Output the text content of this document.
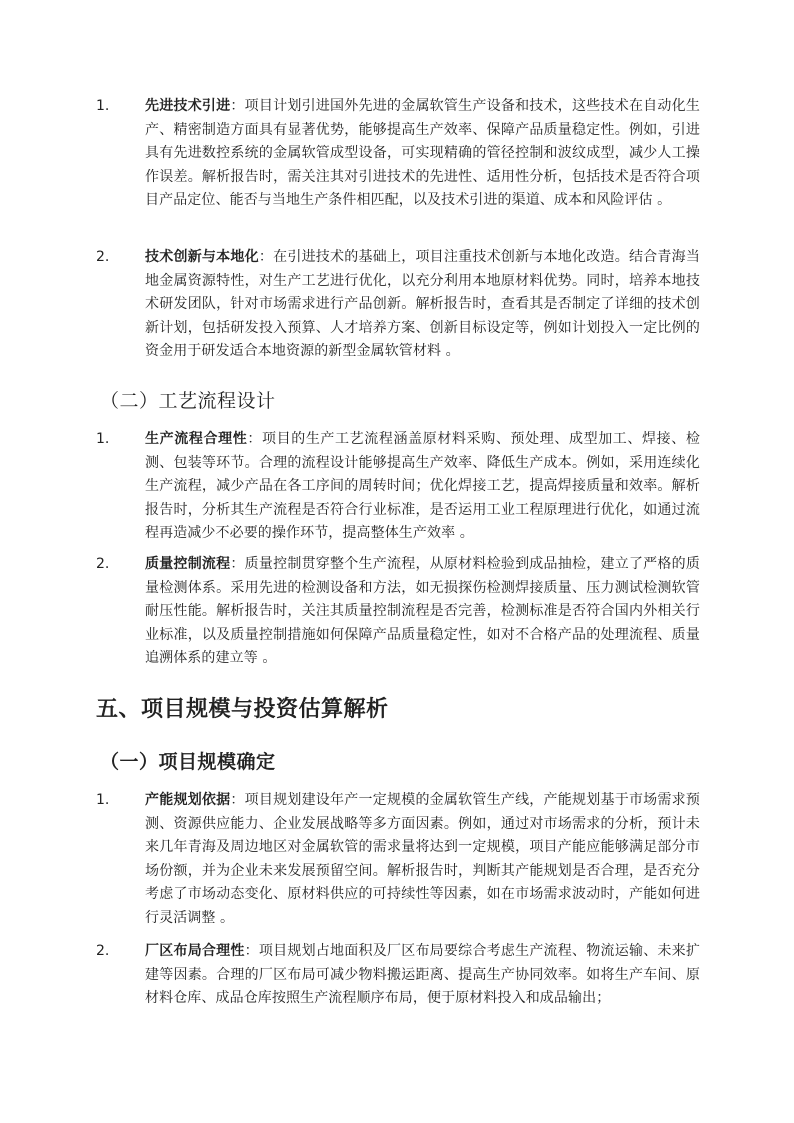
1.	先进技术引进：项目计划引进国外先进的金属软管生产设备和技术，这些技术在自动化生产、精密制造方面具有显著优势，能够提高生产效率、保障产品质量稳定性。例如，引进具有先进数控系统的金属软管成型设备，可实现精确的管径控制和波纹成型，减少人工操作误差。解析报告时，需关注其对引进技术的先进性、适用性分析，包括技术是否符合项目产品定位、能否与当地生产条件相匹配，以及技术引进的渠道、成本和风险评估 。
2.	技术创新与本地化：在引进技术的基础上，项目注重技术创新与本地化改造。结合青海当地金属资源特性，对生产工艺进行优化，以充分利用本地原材料优势。同时，培养本地技术研发团队，针对市场需求进行产品创新。解析报告时，查看其是否制定了详细的技术创新计划，包括研发投入预算、人才培养方案、创新目标设定等，例如计划投入一定比例的资金用于研发适合本地资源的新型金属软管材料 。
（二）工艺流程设计
1.	生产流程合理性：项目的生产工艺流程涵盖原材料采购、预处理、成型加工、焊接、检测、包装等环节。合理的流程设计能够提高生产效率、降低生产成本。例如，采用连续化生产流程，减少产品在各工序间的周转时间；优化焊接工艺，提高焊接质量和效率。解析报告时，分析其生产流程是否符合行业标准，是否运用工业工程原理进行优化，如通过流程再造减少不必要的操作环节，提高整体生产效率 。
2.	质量控制流程：质量控制贯穿整个生产流程，从原材料检验到成品抽检，建立了严格的质量检测体系。采用先进的检测设备和方法，如无损探伤检测焊接质量、压力测试检测软管耐压性能。解析报告时，关注其质量控制流程是否完善，检测标准是否符合国内外相关行业标准，以及质量控制措施如何保障产品质量稳定性，如对不合格产品的处理流程、质量追溯体系的建立等 。
五、项目规模与投资估算解析
（一）项目规模确定
1.	产能规划依据：项目规划建设年产一定规模的金属软管生产线，产能规划基于市场需求预测、资源供应能力、企业发展战略等多方面因素。例如，通过对市场需求的分析，预计未来几年青海及周边地区对金属软管的需求量将达到一定规模，项目产能应能够满足部分市场份额，并为企业未来发展预留空间。解析报告时，判断其产能规划是否合理，是否充分考虑了市场动态变化、原材料供应的可持续性等因素，如在市场需求波动时，产能如何进行灵活调整 。
2.	厂区布局合理性：项目规划占地面积及厂区布局要综合考虑生产流程、物流运输、未来扩建等因素。合理的厂区布局可减少物料搬运距离、提高生产协同效率。如将生产车间、原材料仓库、成品仓库按照生产流程顺序布局，便于原材料投入和成品输出；
